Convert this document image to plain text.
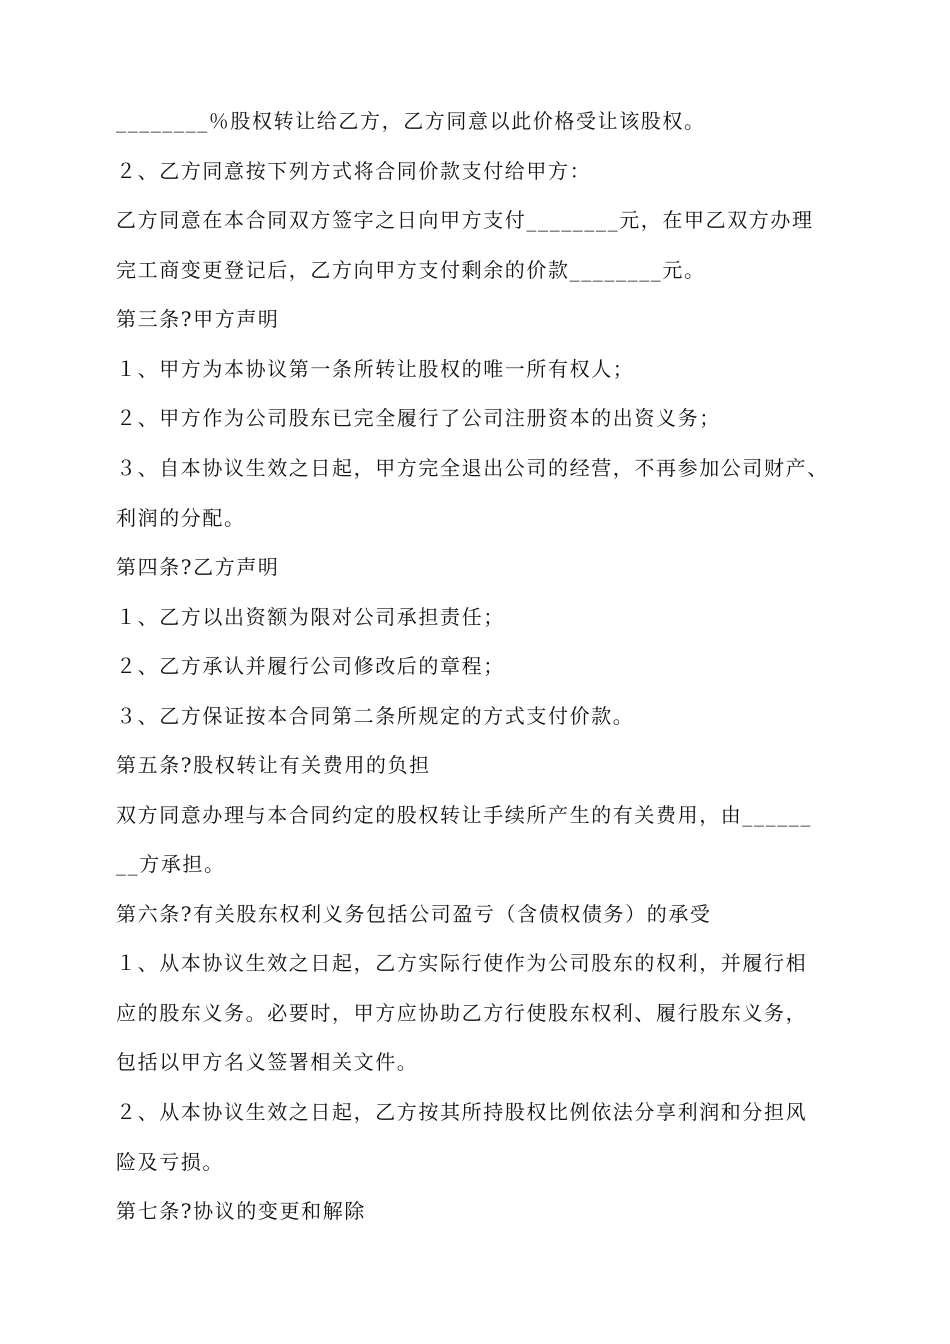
________％股权转让给乙方，乙方同意以此价格受让该股权。

２、乙方同意按下列方式将合同价款支付给甲方：

乙方同意在本合同双方签字之日向甲方支付________元，在甲乙双方办理

完工商变更登记后，乙方向甲方支付剩余的价款________元。

第三条?甲方声明

１、甲方为本协议第一条所转让股权的唯一所有权人；

２、甲方作为公司股东已完全履行了公司注册资本的出资义务；

３、自本协议生效之日起，甲方完全退出公司的经营，不再参加公司财产、

利润的分配。

第四条?乙方声明

１、乙方以出资额为限对公司承担责任；

２、乙方承认并履行公司修改后的章程；

３、乙方保证按本合同第二条所规定的方式支付价款。

第五条?股权转让有关费用的负担

双方同意办理与本合同约定的股权转让手续所产生的有关费用，由______

__方承担。

第六条?有关股东权利义务包括公司盈亏（含债权债务）的承受

１、从本协议生效之日起，乙方实际行使作为公司股东的权利，并履行相

应的股东义务。必要时，甲方应协助乙方行使股东权利、履行股东义务，

包括以甲方名义签署相关文件。

２、从本协议生效之日起，乙方按其所持股权比例依法分享利润和分担风

险及亏损。

第七条?协议的变更和解除
